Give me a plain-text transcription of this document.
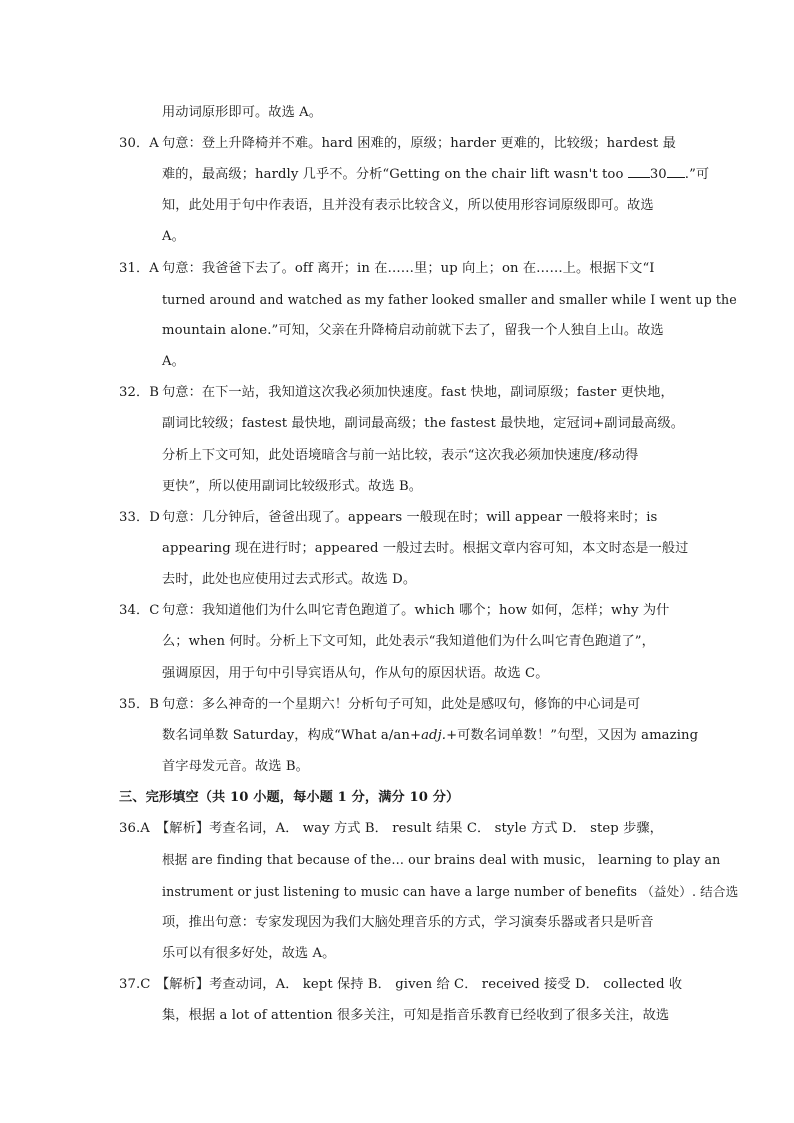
用动词原形即可。故选 A。
30．A 句意：登上升降椅并不难。hard 困难的，原级；harder 更难的，比较级；hardest 最
难的，最高级；hardly 几乎不。分析“Getting on the chair lift wasn't too 30 .”可
知，此处用于句中作表语，且并没有表示比较含义，所以使用形容词原级即可。故选
A。
31．A 句意：我爸爸下去了。off 离开；in 在……里；up 向上；on 在……上。根据下文“I
turned around and watched as my father looked smaller and smaller while I went up the
mountain alone.”可知，父亲在升降椅启动前就下去了，留我一个人独自上山。故选
A。
32．B 句意：在下一站，我知道这次我必须加快速度。fast 快地，副词原级；faster 更快地，
副词比较级；fastest 最快地，副词最高级；the fastest 最快地，定冠词+副词最高级。
分析上下文可知，此处语境暗含与前一站比较，表示“这次我必须加快速度/移动得
更快”，所以使用副词比较级形式。故选 B。
33．D 句意：几分钟后，爸爸出现了。appears 一般现在时；will appear 一般将来时；is
appearing 现在进行时；appeared 一般过去时。根据文章内容可知，本文时态是一般过
去时，此处也应使用过去式形式。故选 D。
34．C 句意：我知道他们为什么叫它青色跑道了。which 哪个；how 如何，怎样；why 为什
么；when 何时。分析上下文可知，此处表示“我知道他们为什么叫它青色跑道了”，
强调原因，用于句中引导宾语从句，作从句的原因状语。故选 C。
35．B 句意：多么神奇的一个星期六！分析句子可知，此处是感叹句，修饰的中心词是可
数名词单数 Saturday，构成“What a/an+adj.+可数名词单数！”句型，又因为 amazing
首字母发元音。故选 B。
三、完形填空（共 10 小题，每小题 1 分，满分 10 分）
36.A 【解析】考查名词，A． way 方式 B． result 结果 C． style 方式 D． step 步骤，
根据 are finding that because of the… our brains deal with music， learning to play an
instrument or just listening to music can have a large number of benefits （益处）. 结合选
项，推出句意：专家发现因为我们大脑处理音乐的方式，学习演奏乐器或者只是听音
乐可以有很多好处，故选 A。
37.C 【解析】考查动词，A． kept 保持 B． given 给 C． received 接受 D． collected 收
集，根据 a lot of attention 很多关注，可知是指音乐教育已经收到了很多关注，故选
